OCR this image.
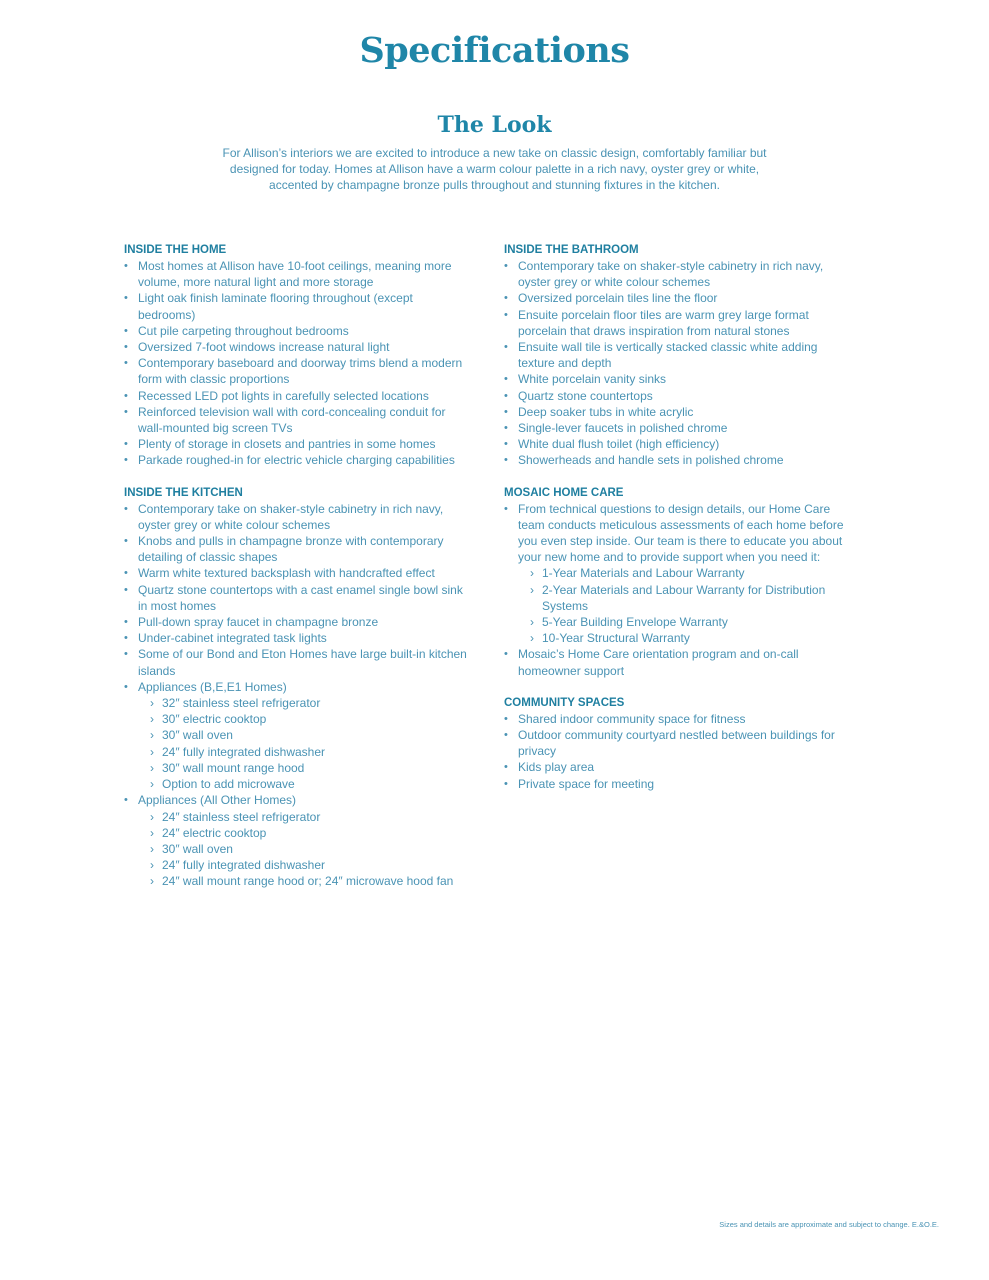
Specifications
The Look
For Allison’s interiors we are excited to introduce a new take on classic design, comfortably familiar but designed for today. Homes at Allison have a warm colour palette in a rich navy, oyster grey or white, accented by champagne bronze pulls throughout and stunning fixtures in the kitchen.
INSIDE THE HOME
• Most homes at Allison have 10-foot ceilings, meaning more volume, more natural light and more storage
• Light oak finish laminate flooring throughout (except bedrooms)
• Cut pile carpeting throughout bedrooms
• Oversized 7-foot windows increase natural light
• Contemporary baseboard and doorway trims blend a modern form with classic proportions
• Recessed LED pot lights in carefully selected locations
• Reinforced television wall with cord-concealing conduit for wall-mounted big screen TVs
• Plenty of storage in closets and pantries in some homes
• Parkade roughed-in for electric vehicle charging capabilities
INSIDE THE KITCHEN
• Contemporary take on shaker-style cabinetry in rich navy, oyster grey or white colour schemes
• Knobs and pulls in champagne bronze with contemporary detailing of classic shapes
• Warm white textured backsplash with handcrafted effect
• Quartz stone countertops with a cast enamel single bowl sink in most homes
• Pull-down spray faucet in champagne bronze
• Under-cabinet integrated task lights
• Some of our Bond and Eton Homes have large built-in kitchen islands
• Appliances (B,E,E1 Homes)
› 32″ stainless steel refrigerator
› 30″ electric cooktop
› 30″ wall oven
› 24″ fully integrated dishwasher
› 30″ wall mount range hood
› Option to add microwave
• Appliances (All Other Homes)
› 24″ stainless steel refrigerator
› 24″ electric cooktop
› 30″ wall oven
› 24″ fully integrated dishwasher
› 24″ wall mount range hood or; 24″ microwave hood fan
INSIDE THE BATHROOM
• Contemporary take on shaker-style cabinetry in rich navy, oyster grey or white colour schemes
• Oversized porcelain tiles line the floor
• Ensuite porcelain floor tiles are warm grey large format porcelain that draws inspiration from natural stones
• Ensuite wall tile is vertically stacked classic white adding texture and depth
• White porcelain vanity sinks
• Quartz stone countertops
• Deep soaker tubs in white acrylic
• Single-lever faucets in polished chrome
• White dual flush toilet (high efficiency)
• Showerheads and handle sets in polished chrome
MOSAIC HOME CARE
• From technical questions to design details, our Home Care team conducts meticulous assessments of each home before you even step inside. Our team is there to educate you about your new home and to provide support when you need it:
› 1-Year Materials and Labour Warranty
› 2-Year Materials and Labour Warranty for Distribution Systems
› 5-Year Building Envelope Warranty
› 10-Year Structural Warranty
• Mosaic’s Home Care orientation program and on-call homeowner support
COMMUNITY SPACES
• Shared indoor community space for fitness
• Outdoor community courtyard nestled between buildings for privacy
• Kids play area
• Private space for meeting
Sizes and details are approximate and subject to change. E.&O.E.
